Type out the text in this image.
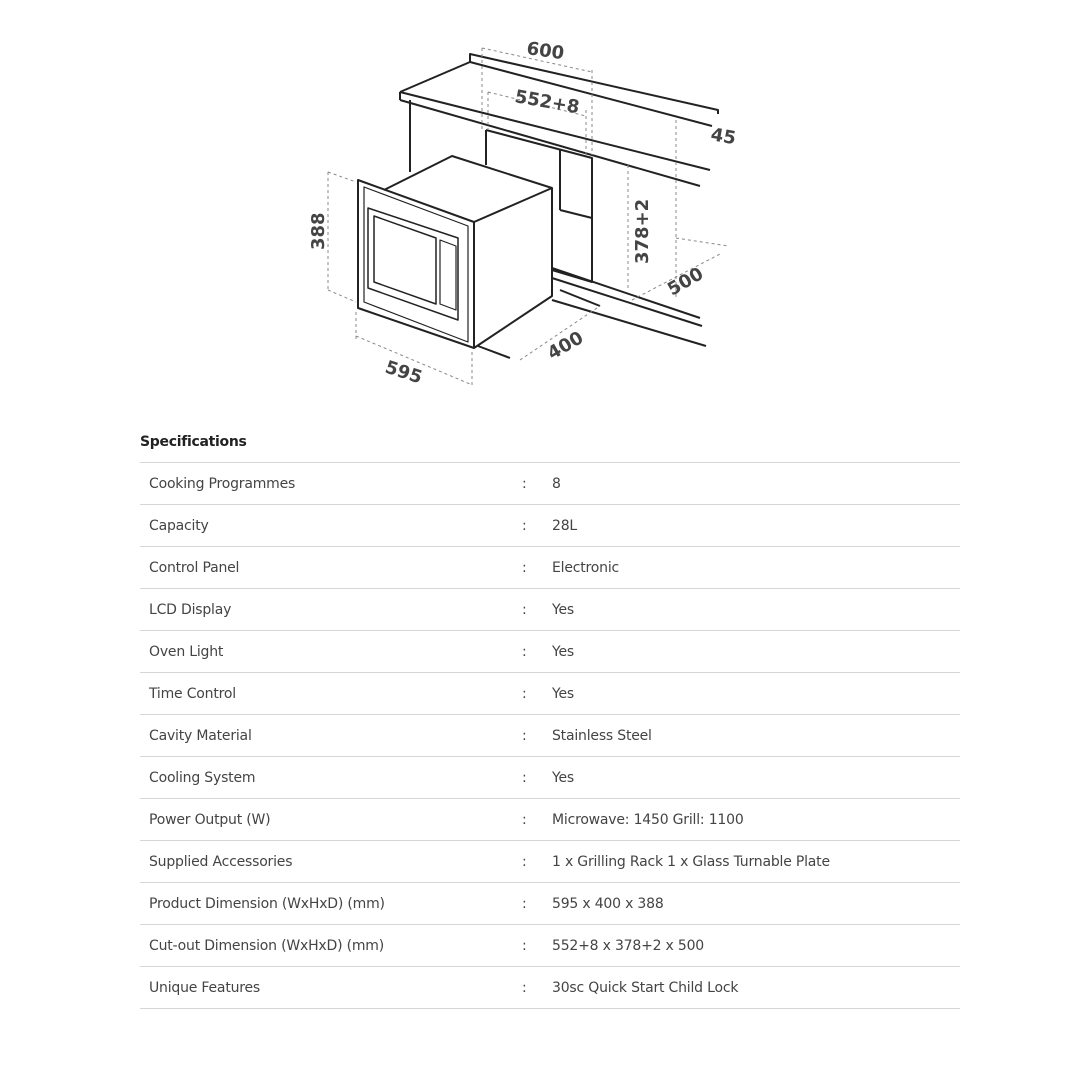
600
552+8
45
388	378+2
500
400
595
Specifications
Cooking Programmes	:	8
Capacity	:	28L
Control Panel	:	Electronic
LCD Display	:	Yes
Oven Light	:	Yes
Time Control	:	Yes
Cavity Material	:	Stainless Steel
Cooling System	:	Yes
Power Output (W)	:	Microwave: 1450 Grill: 1100
Supplied Accessories	:	1 x Grilling Rack 1 x Glass Turnable Plate
Product Dimension (WxHxD) (mm)	:	595 x 400 x 388
Cut-out Dimension (WxHxD) (mm)	:	552+8 x 378+2 x 500
Unique Features	:	30sc Quick Start Child Lock
